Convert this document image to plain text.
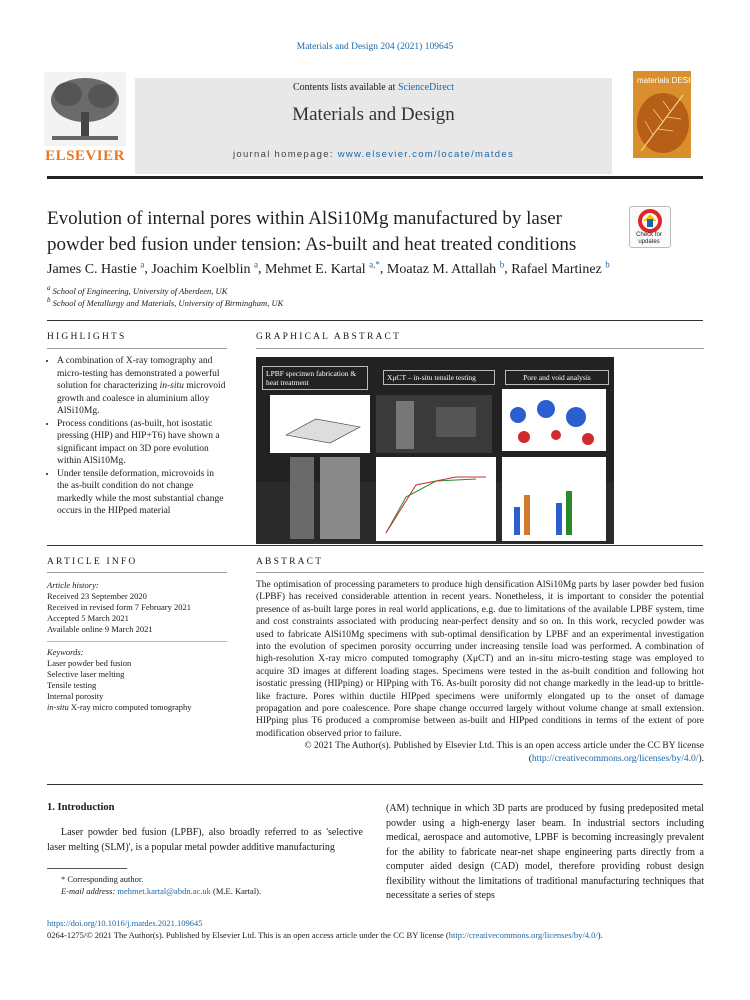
Materials and Design 204 (2021) 109645
ELSEVIER
Contents lists available at ScienceDirect
Materials and Design
journal homepage: www.elsevier.com/locate/matdes
materials DESIGN
Evolution of internal pores within AlSi10Mg manufactured by laser powder bed fusion under tension: As-built and heat treated conditions	Check for updates
James C. Hastie $^a$, Joachim Koelblin $^a$, Mehmet E. Kartal $^{a,*}$, Moataz M. Attallah $^b$, Rafael Martinez $^b$
$^a$ School of Engineering, University of Aberdeen, UK
$^b$ School of Metallurgy and Materials, University of Birmingham, UK
HIGHLIGHTS
• A combination of X-ray tomography and micro-testing has demonstrated a powerful solution for characterizing in-situ microvoid growth and coalesce in aluminium alloy AlSi10Mg.
• Process conditions (as-built, hot isostatic pressing (HIP) and HIP+T6) have shown a significant impact on 3D pore evolution within AlSi10Mg.
• Under tensile deformation, microvoids in the as-built condition do not change markedly while the most substantial change occurs in the HIPped material
GRAPHICAL ABSTRACT
LPBF specimen fabrication & heat treatment
XμCT – in-situ tensile testing	Pore and void analysis
ARTICLE INFO
Article history:
Received 23 September 2020
Received in revised form 7 February 2021
Accepted 5 March 2021
Available online 9 March 2021
Keywords:
Laser powder bed fusion
Selective laser melting
Tensile testing
Internal porosity
in-situ X-ray micro computed tomography
ABSTRACT
The optimisation of processing parameters to produce high densification AlSi10Mg parts by laser powder bed fusion (LPBF) has received considerable attention in recent years. Nonetheless, it is important to consider the potential presence of as-built large pores in real world applications, e.g. due to limitations of the available LPBF system, time and cost constraints associated with producing near-perfect density and so on. In this work, recycled powder was used to fabricate AlSi10Mg specimens with sub-optimal densification by LPBF and an experimental investigation into the evolution of specimen porosity occurring under increasing tensile load was performed. A combination of high-resolution X-ray micro computed tomography (XμCT) and an in-situ micro-testing stage was employed to acquire 3D images at different loading stages. Specimens were tested in the as-built condition and following hot isostatic pressing (HIPping) or HIPping with T6. As-built porosity did not change markedly in the lead-up to brittle-like fracture. Pores within ductile HIPped specimens were uniformly elongated up to the onset of damage propagation and pore coalescence. Pore shape change occurred largely without volume change at small extension. HIPping plus T6 produced a compromise between as-built and HIPped conditions in terms of the extent of pore modification observed prior to failure.
© 2021 The Author(s). Published by Elsevier Ltd. This is an open access article under the CC BY license (http://creativecommons.org/licenses/by/4.0/).
1. Introduction
Laser powder bed fusion (LPBF), also broadly referred to as 'selective laser melting (SLM)', is a popular metal powder additive manufacturing
(AM) technique in which 3D parts are produced by fusing predeposited metal powder using a high-energy laser beam. In industrial sectors including medical, aerospace and automotive, LPBF is becoming increasingly prevalent for the ability to fabricate near-net shape engineering parts directly from a computer aided design (CAD) model, therefore providing robust design flexibility without the limitations of traditional manufacturing techniques that necessitate a series of steps
* Corresponding author.
E-mail address: mehmet.kartal@abdn.ac.uk (M.E. Kartal).
https://doi.org/10.1016/j.matdes.2021.109645
0264-1275/© 2021 The Author(s). Published by Elsevier Ltd. This is an open access article under the CC BY license (http://creativecommons.org/licenses/by/4.0/).
